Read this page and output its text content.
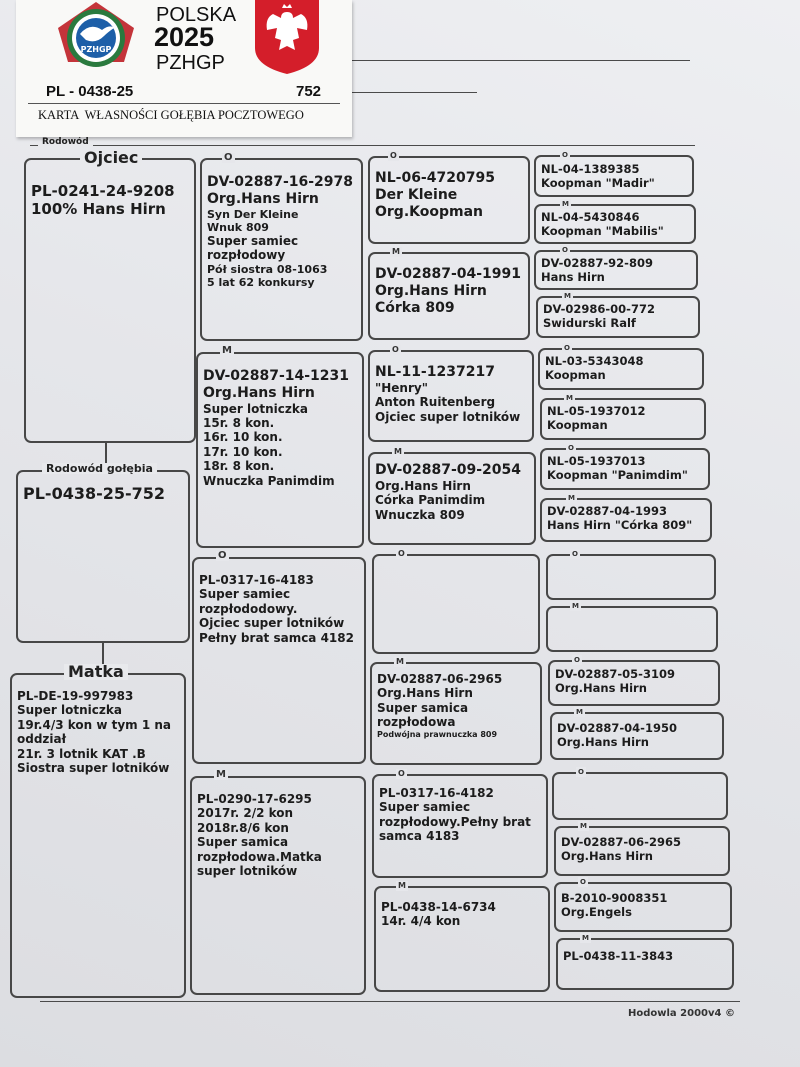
Rodowód
PZHGP
POLSKA
2025
PZHGP
PL - 0438-25	752
KARTA  WŁASNOŚCI GOŁĘBIA POCZTOWEGO
PL-0241-24-9208
100% Hans Hirn
Ojciec
PL-0438-25-752
Rodowód gołębia
PL-DE-19-997983
Super lotniczka
19r.4/3 kon w tym 1 na
oddział
21r. 3 lotnik KAT .B
Siostra super lotników
Matka
DV-02887-16-2978
Org.Hans Hirn
Syn Der Kleine
Wnuk 809
Super samiec
rozpłodowy
Pół siostra 08-1063
5 lat 62 konkursy
O
DV-02887-14-1231
Org.Hans Hirn
Super lotniczka
15r. 8 kon.
16r. 10 kon.
17r. 10 kon.
18r. 8 kon.
Wnuczka Panimdim
M
PL-0317-16-4183
Super samiec
rozpłododowy.
Ojciec super lotników
Pełny brat samca 4182
O
PL-0290-17-6295
2017r. 2/2 kon
2018r.8/6 kon
Super samica
rozpłodowa.Matka
super lotników
M
NL-06-4720795
Der Kleine
Org.Koopman
O
DV-02887-04-1991
Org.Hans Hirn
Córka 809
M
NL-11-1237217
"Henry"
Anton Ruitenberg
Ojciec super lotników
O
DV-02887-09-2054
Org.Hans Hirn
Córka Panimdim
Wnuczka 809
M
O
DV-02887-06-2965
Org.Hans Hirn
Super samica
rozpłodowa
Podwójna prawnuczka 809
M
PL-0317-16-4182
Super samiec
rozpłodowy.Pełny brat
samca 4183
O
PL-0438-14-6734
14r. 4/4 kon
M
NL-04-1389385
Koopman "Madir"
O
NL-04-5430846
Koopman "Mabilis"
M
DV-02887-92-809
Hans Hirn
O
DV-02986-00-772
Swidurski Ralf
M
NL-03-5343048
Koopman
O
NL-05-1937012
Koopman
M
NL-05-1937013
Koopman "Panimdim"
O
DV-02887-04-1993
Hans Hirn "Córka 809"
M
O
M
DV-02887-05-3109
Org.Hans Hirn
O
DV-02887-04-1950
Org.Hans Hirn
M
O
DV-02887-06-2965
Org.Hans Hirn
M
B-2010-9008351
Org.Engels
O
PL-0438-11-3843
M
Hodowla 2000v4 ©
